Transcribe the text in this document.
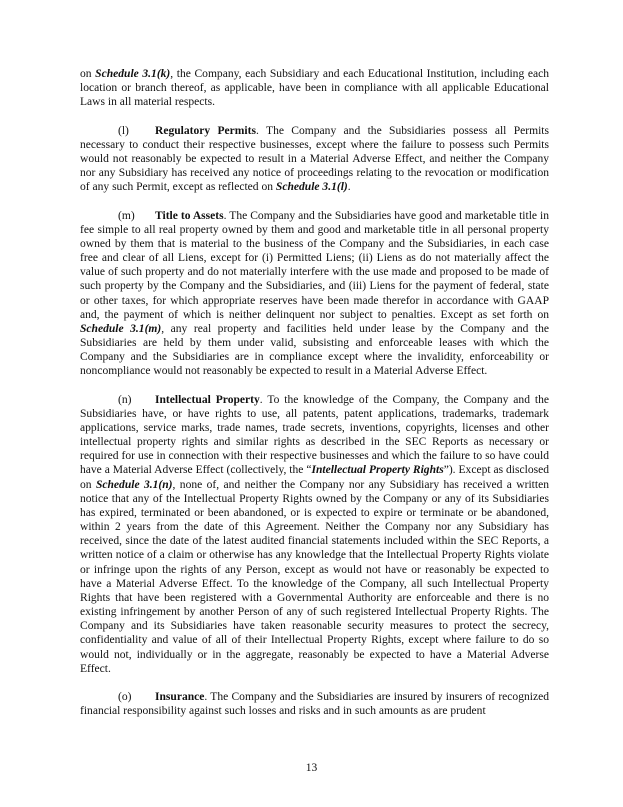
on Schedule 3.1(k), the Company, each Subsidiary and each Educational Institution, including each location or branch thereof, as applicable, have been in compliance with all applicable Educational Laws in all material respects.

(l) Regulatory Permits. The Company and the Subsidiaries possess all Permits necessary to conduct their respective businesses, except where the failure to possess such Permits would not reasonably be expected to result in a Material Adverse Effect, and neither the Company nor any Subsidiary has received any notice of proceedings relating to the revocation or modification of any such Permit, except as reflected on Schedule 3.1(l).

(m) Title to Assets. The Company and the Subsidiaries have good and marketable title in fee simple to all real property owned by them and good and marketable title in all personal property owned by them that is material to the business of the Company and the Subsidiaries, in each case free and clear of all Liens, except for (i) Permitted Liens; (ii) Liens as do not materially affect the value of such property and do not materially interfere with the use made and proposed to be made of such property by the Company and the Subsidiaries, and (iii) Liens for the payment of federal, state or other taxes, for which appropriate reserves have been made therefor in accordance with GAAP and, the payment of which is neither delinquent nor subject to penalties. Except as set forth on Schedule 3.1(m), any real property and facilities held under lease by the Company and the Subsidiaries are held by them under valid, subsisting and enforceable leases with which the Company and the Subsidiaries are in compliance except where the invalidity, enforceability or noncompliance would not reasonably be expected to result in a Material Adverse Effect.

(n) Intellectual Property. To the knowledge of the Company, the Company and the Subsidiaries have, or have rights to use, all patents, patent applications, trademarks, trademark applications, service marks, trade names, trade secrets, inventions, copyrights, licenses and other intellectual property rights and similar rights as described in the SEC Reports as necessary or required for use in connection with their respective businesses and which the failure to so have could have a Material Adverse Effect (collectively, the “Intellectual Property Rights”). Except as disclosed on Schedule 3.1(n), none of, and neither the Company nor any Subsidiary has received a written notice that any of the Intellectual Property Rights owned by the Company or any of its Subsidiaries has expired, terminated or been abandoned, or is expected to expire or terminate or be abandoned, within 2 years from the date of this Agreement. Neither the Company nor any Subsidiary has received, since the date of the latest audited financial statements included within the SEC Reports, a written notice of a claim or otherwise has any knowledge that the Intellectual Property Rights violate or infringe upon the rights of any Person, except as would not have or reasonably be expected to have a Material Adverse Effect. To the knowledge of the Company, all such Intellectual Property Rights that have been registered with a Governmental Authority are enforceable and there is no existing infringement by another Person of any of such registered Intellectual Property Rights. The Company and its Subsidiaries have taken reasonable security measures to protect the secrecy, confidentiality and value of all of their Intellectual Property Rights, except where failure to do so would not, individually or in the aggregate, reasonably be expected to have a Material Adverse Effect.

(o) Insurance. The Company and the Subsidiaries are insured by insurers of recognized financial responsibility against such losses and risks and in such amounts as are prudent

13
